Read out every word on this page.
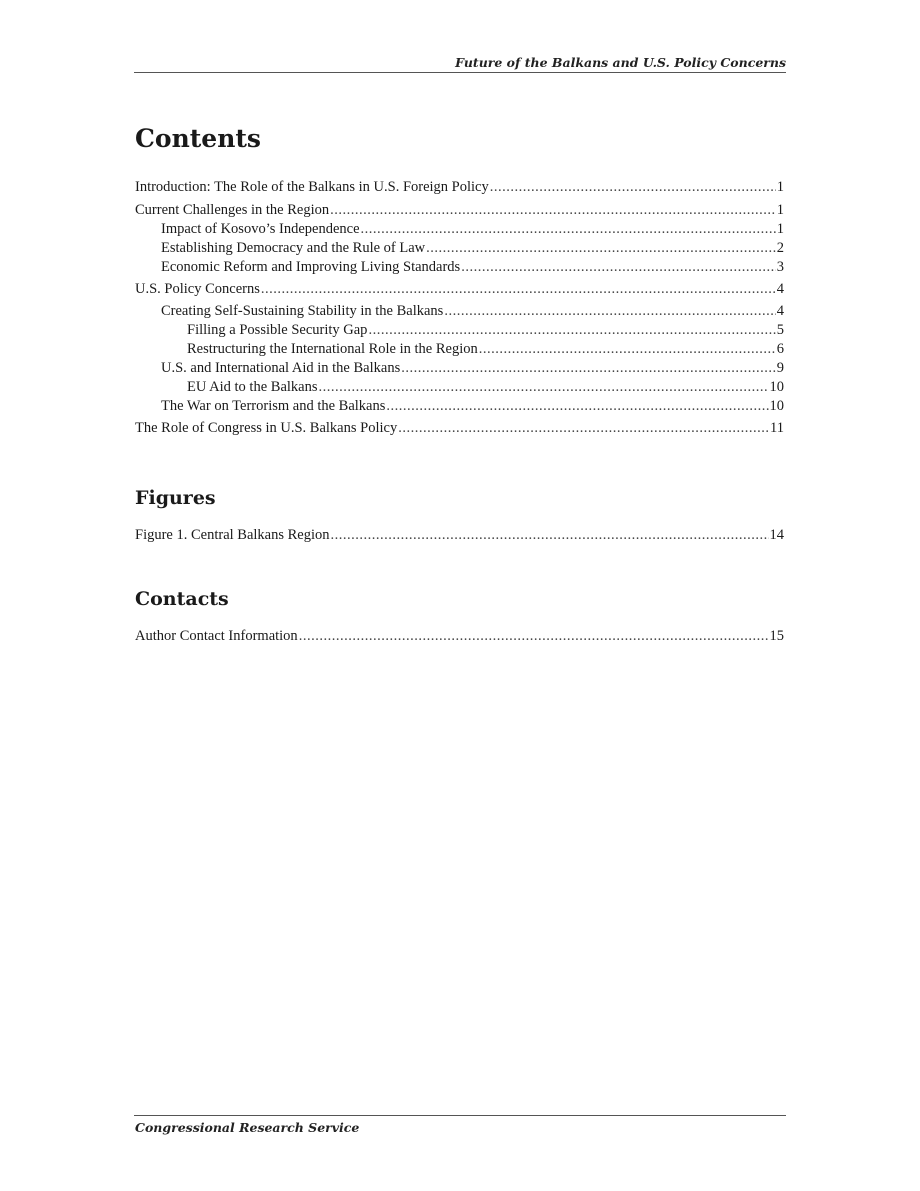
Future of the Balkans and U.S. Policy Concerns
Contents
Introduction: The Role of the Balkans in U.S. Foreign Policy .....	1
Current Challenges in the Region .....	1
Impact of Kosovo’s Independence .....	1
Establishing Democracy and the Rule of Law .....	2
Economic Reform and Improving Living Standards .....	3
U.S. Policy Concerns .....	4
Creating Self-Sustaining Stability in the Balkans .....	4
Filling a Possible Security Gap .....	5
Restructuring the International Role in the Region .....	6
U.S. and International Aid in the Balkans .....	9
EU Aid to the Balkans .....	10
The War on Terrorism and the Balkans .....	10
The Role of Congress in U.S. Balkans Policy .....	11
Figures
Figure 1. Central Balkans Region .....	14
Contacts
Author Contact Information .....	15
Congressional Research Service
